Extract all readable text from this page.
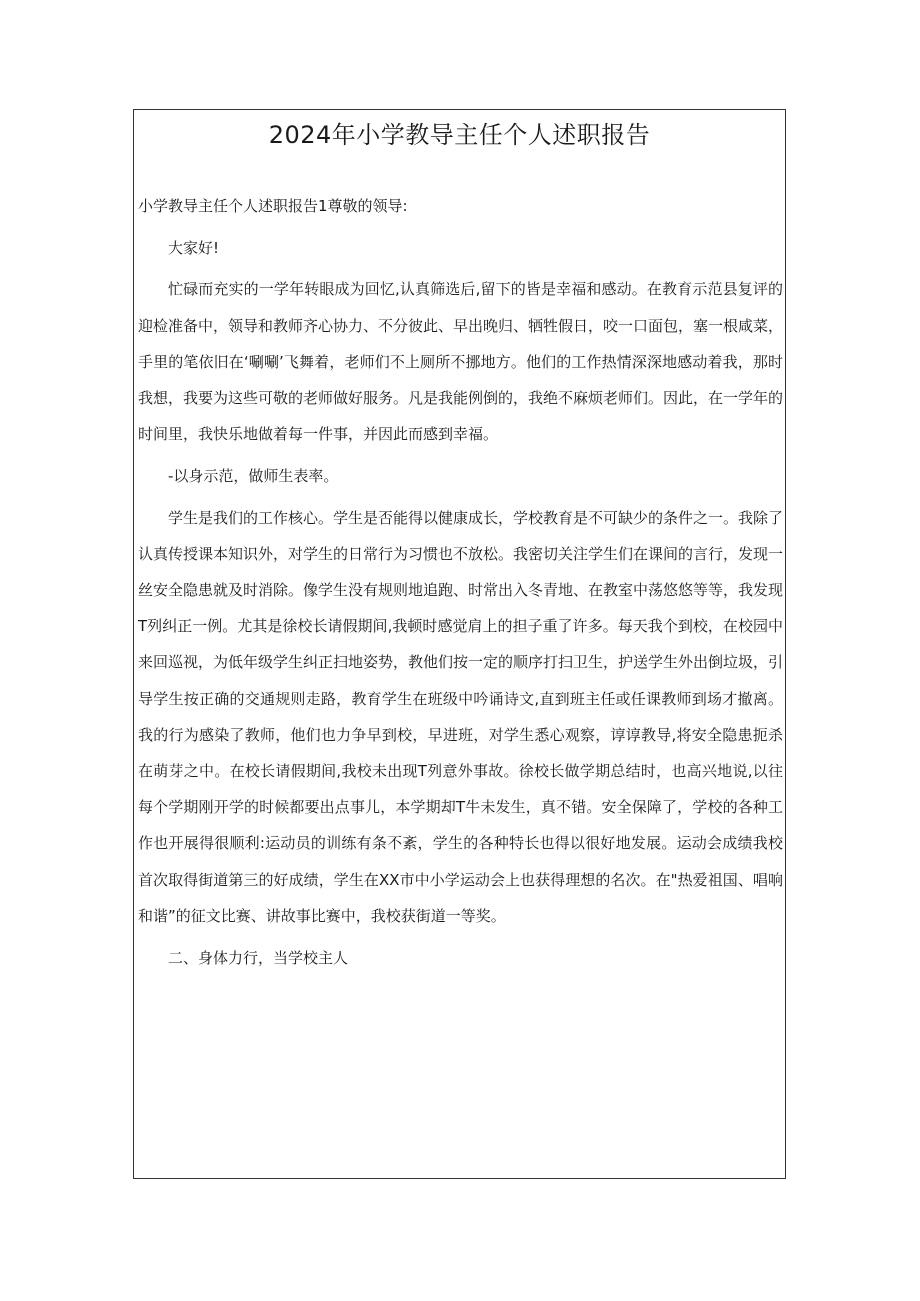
2024年小学教导主任个人述职报告

小学教导主任个人述职报告1尊敬的领导:

大家好!

忙碌而充实的一学年转眼成为回忆,认真筛选后,留下的皆是幸福和感动。在教育示范县复评的迎检准备中，领导和教师齐心协力、不分彼此、早出晚归、牺牲假日，咬一口面包，塞一根咸菜，手里的笔依旧在‘唰唰’飞舞着，老师们不上厕所不挪地方。他们的工作热情深深地感动着我，那时我想，我要为这些可敬的老师做好服务。凡是我能例倒的，我绝不麻烦老师们。因此，在一学年的时间里，我快乐地做着每一件事，并因此而感到幸福。

-以身示范，做师生表率。

学生是我们的工作核心。学生是否能得以健康成长，学校教育是不可缺少的条件之一。我除了认真传授课本知识外，对学生的日常行为习惯也不放松。我密切关注学生们在课间的言行，发现一丝安全隐患就及时消除。像学生没有规则地追跑、时常出入冬青地、在教室中荡悠悠等等，我发现T列纠正一例。尤其是徐校长请假期间,我顿时感觉肩上的担子重了许多。每天我个到校，在校园中来回巡视，为低年级学生纠正扫地姿势，教他们按一定的顺序打扫卫生，护送学生外出倒垃圾，引导学生按正确的交通规则走路，教育学生在班级中吟诵诗文,直到班主任或任课教师到场才撤离。我的行为感染了教师，他们也力争早到校，早进班，对学生悉心观察，谆谆教导,将安全隐患扼杀在萌芽之中。在校长请假期间,我校未出现T列意外事故。徐校长做学期总结时，也高兴地说,以往每个学期刚开学的时候都要出点事儿，本学期却T牛未发生，真不错。安全保障了，学校的各种工作也开展得很顺利:运动员的训练有条不紊，学生的各种特长也得以很好地发展。运动会成绩我校首次取得街道第三的好成绩，学生在XX市中小学运动会上也获得理想的名次。在"热爱祖国、唱响和谐”的征文比赛、讲故事比赛中，我校获街道一等奖。

二、身体力行，当学校主人
